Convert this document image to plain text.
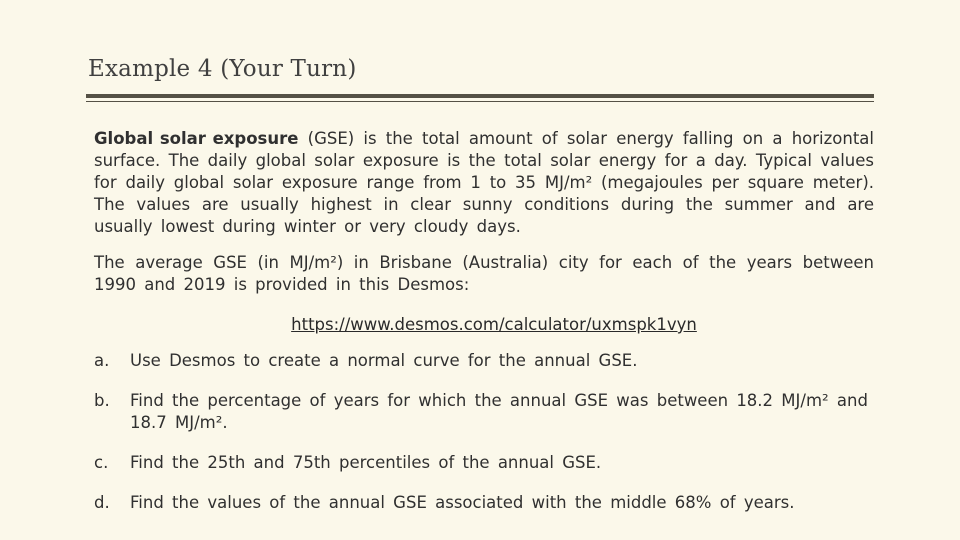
Example 4 (Your Turn)

Global solar exposure (GSE) is the total amount of solar energy falling on a horizontal surface. The daily global solar exposure is the total solar energy for a day. Typical values for daily global solar exposure range from 1 to 35 MJ/m² (megajoules per square meter). The values are usually highest in clear sunny conditions during the summer and are usually lowest during winter or very cloudy days.

The average GSE (in MJ/m²) in Brisbane (Australia) city for each of the years between 1990 and 2019 is provided in this Desmos:

https://www.desmos.com/calculator/uxmspk1vyn
a.	Use Desmos to create a normal curve for the annual GSE.
b.	Find the percentage of years for which the annual GSE was between 18.2 MJ/m² and 18.7 MJ/m².
c.	Find the 25th and 75th percentiles of the annual GSE.
d.	Find the values of the annual GSE associated with the middle 68% of years.
